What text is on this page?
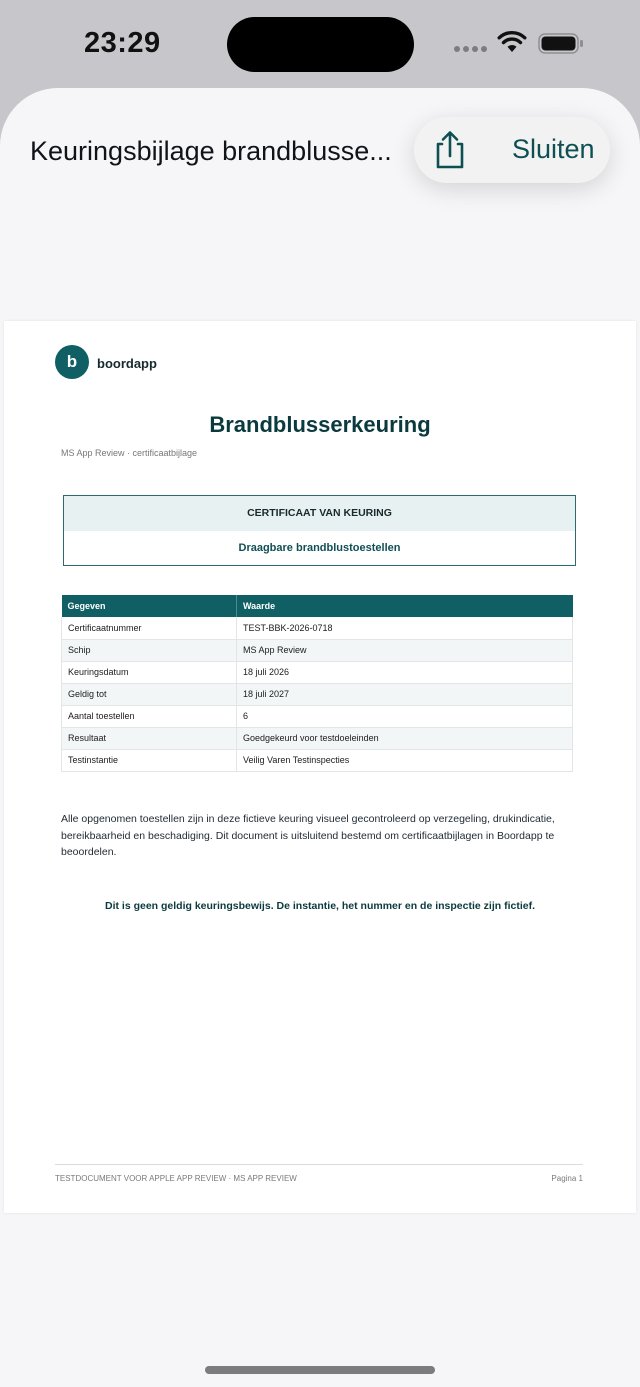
23:29
Keuringsbijlage brandblusse...	Sluiten
b	boordapp
Brandblusserkeuring
MS App Review · certificaatbijlage
CERTIFICAAT VAN KEURING
Draagbare brandblustoestellen
Gegeven	Waarde
Certificaatnummer	TEST-BBK-2026-0718
Schip	MS App Review
Keuringsdatum	18 juli 2026
Geldig tot	18 juli 2027
Aantal toestellen	6
Resultaat	Goedgekeurd voor testdoeleinden
Testinstantie	Veilig Varen Testinspecties
Alle opgenomen toestellen zijn in deze fictieve keuring visueel gecontroleerd op verzegeling, drukindicatie, bereikbaarheid en beschadiging. Dit document is uitsluitend bestemd om certificaatbijlagen in Boordapp te beoordelen.
Dit is geen geldig keuringsbewijs. De instantie, het nummer en de inspectie zijn fictief.
TESTDOCUMENT VOOR APPLE APP REVIEW · MS APP REVIEW	Pagina 1
